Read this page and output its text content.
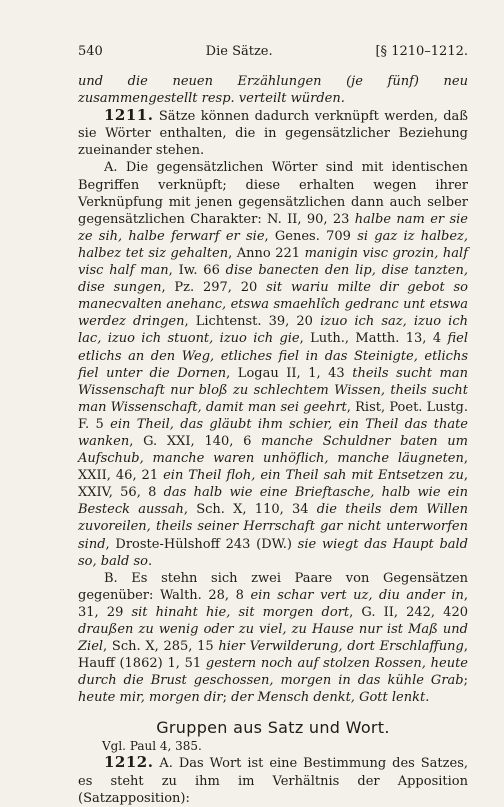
540	Die Sätze.	[§ 1210–1212.

und die neuen Erzählungen (je fünf) neu zusammengestellt resp. verteilt würden.

1211. Sätze können dadurch verknüpft werden, daß sie Wörter enthalten, die in gegensätzlicher Beziehung zueinander stehen.

A. Die gegensätzlichen Wörter sind mit identischen Begriffen verknüpft; diese erhalten wegen ihrer Verknüpfung mit jenen gegensätzlichen dann auch selber gegensätzlichen Charakter: N. II, 90, 23 halbe nam er sie ze sih, halbe ferwarf er sie, Genes. 709 si gaz iz halbez, halbez tet siz gehalten, Anno 221 manigin visc grozin, half visc half man, Iw. 66 dise banecten den lip, dise tanzten, dise sungen, Pz. 297, 20 sit wariu milte dir gebot so manecvalten anehanc, etswa smaehlîch gedranc unt etswa werdez dringen, Lichtenst. 39, 20 izuo ich saz, izuo ich lac, izuo ich stuont, izuo ich gie, Luth., Matth. 13, 4 fiel etlichs an den Weg, etliches fiel in das Steinigte, etlichs fiel unter die Dornen, Logau II, 1, 43 theils sucht man Wissenschaft nur bloß zu schlechtem Wissen, theils sucht man Wissenschaft, damit man sei geehrt, Rist, Poet. Lustg. F. 5 ein Theil, das gläubt ihm schier, ein Theil das thate wanken, G. XXI, 140, 6 manche Schuldner baten um Aufschub, manche waren unhöflich, manche läugneten, XXII, 46, 21 ein Theil floh, ein Theil sah mit Entsetzen zu, XXIV, 56, 8 das halb wie eine Brieftasche, halb wie ein Besteck aussah, Sch. X, 110, 34 die theils dem Willen zuvoreilen, theils seiner Herrschaft gar nicht unterworfen sind, Droste-Hülshoff 243 (DW.) sie wiegt das Haupt bald so, bald so.

B. Es stehn sich zwei Paare von Gegensätzen gegenüber: Walth. 28, 8 ein schar vert uz, diu ander in, 31, 29 sit hinaht hie, sit morgen dort, G. II, 242, 420 draußen zu wenig oder zu viel, zu Hause nur ist Maß und Ziel, Sch. X, 285, 15 hier Verwilderung, dort Erschlaffung, Hauff (1862) 1, 51 gestern noch auf stolzen Rossen, heute durch die Brust geschossen, morgen in das kühle Grab; heute mir, morgen dir; der Mensch denkt, Gott lenkt.

Gruppen aus Satz und Wort.

Vgl. Paul 4, 385.

1212. A. Das Wort ist eine Bestimmung des Satzes, es steht zu ihm im Verhältnis der Apposition (Satzapposition):
